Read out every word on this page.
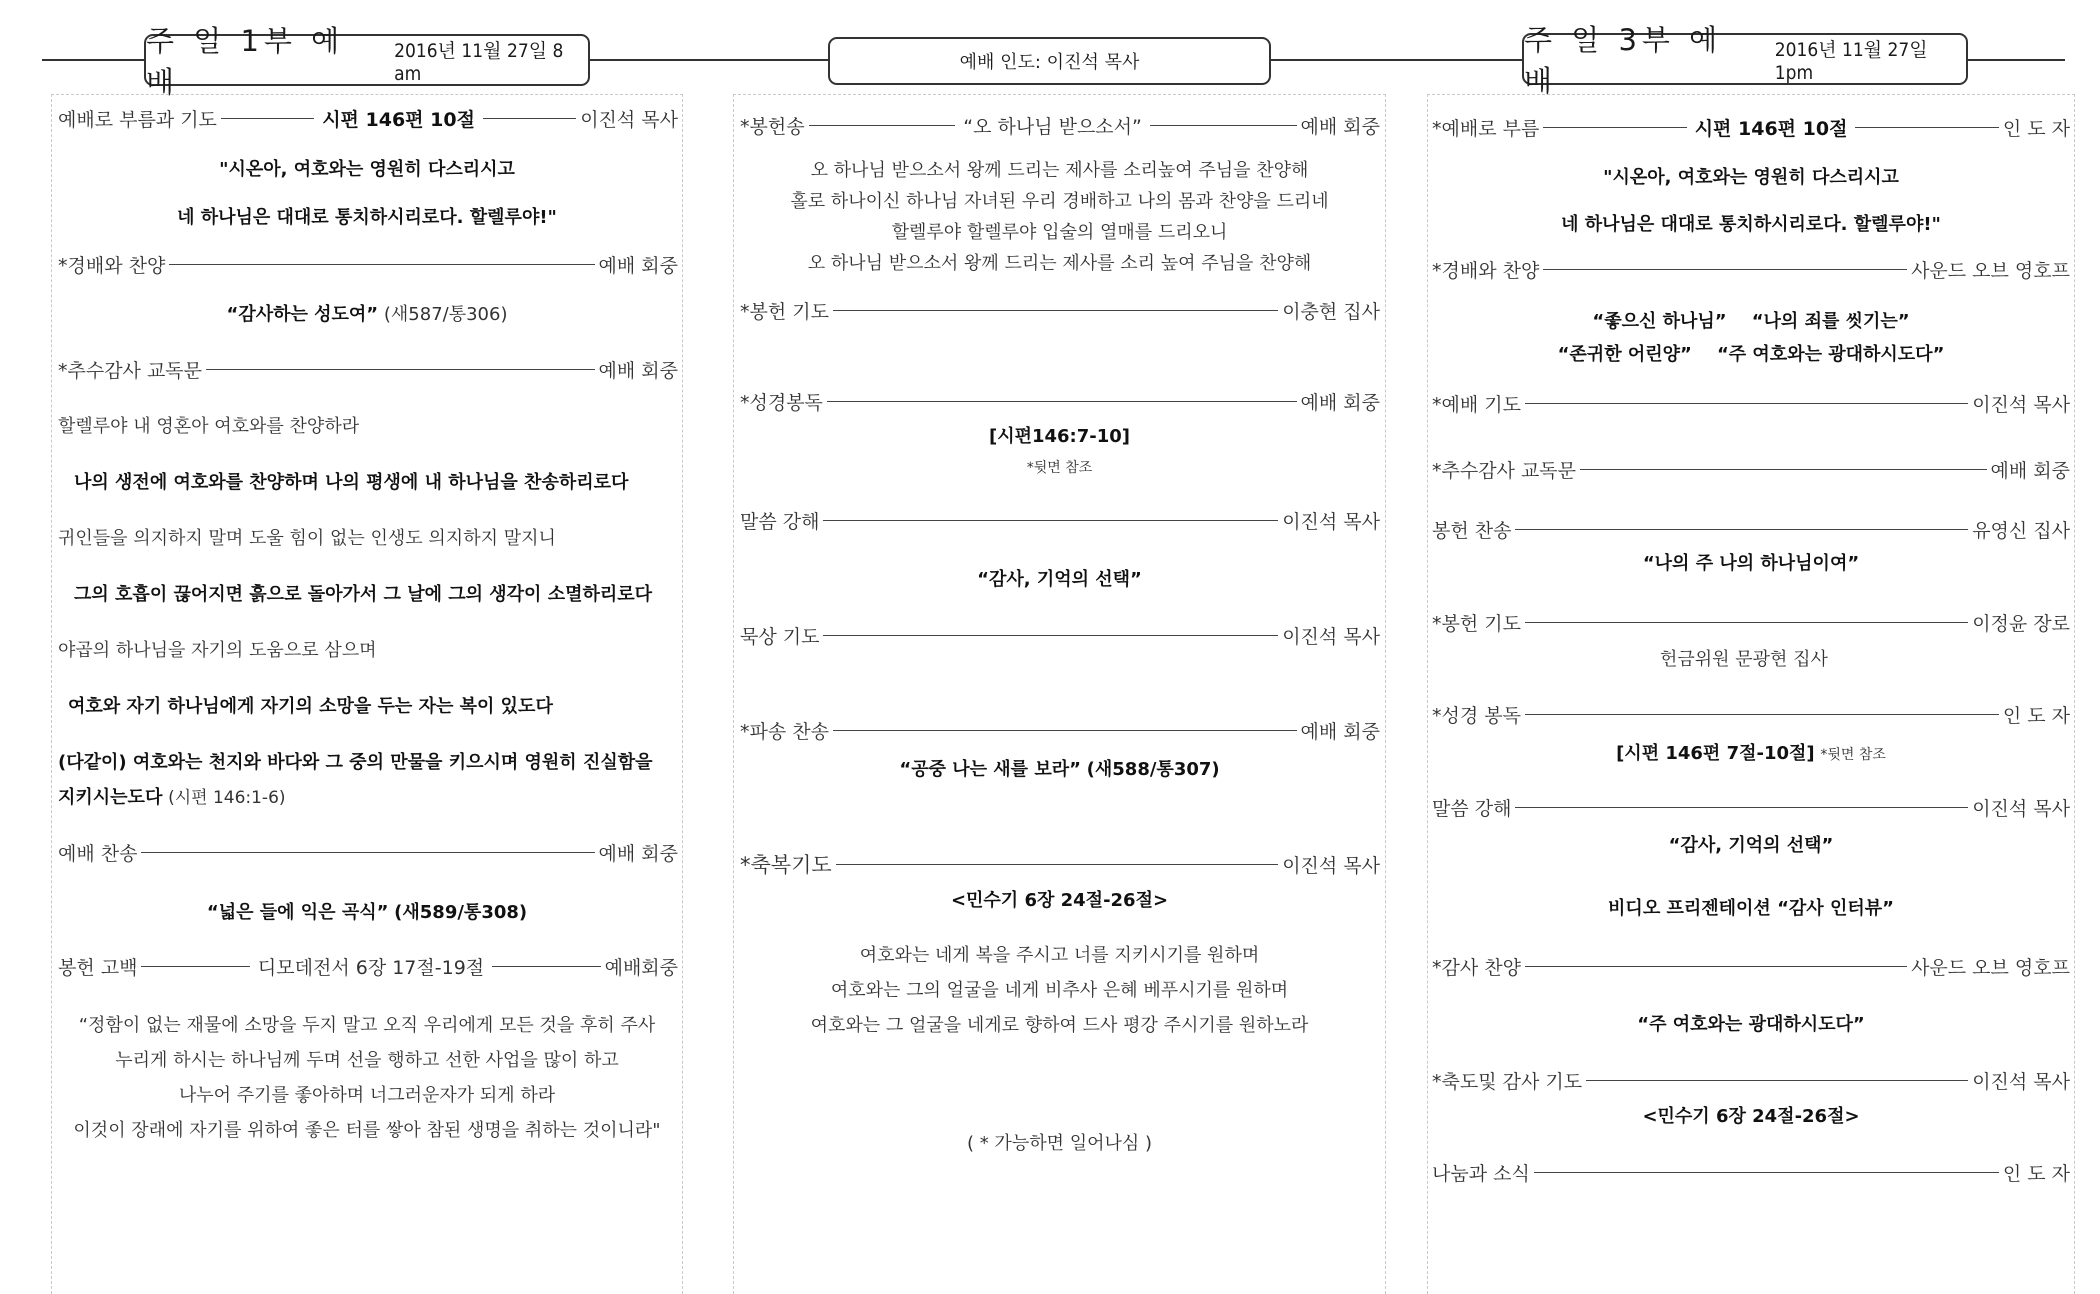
주 일 1부 예배
2016년 11월 27일 8 am	예배 인도: 이진석 목사
주 일 3부 예배
2016년 11월 27일 1pm
예배로 부름과 기도	시편 146편 10절	이진석 목사
"시온아, 여호와는 영원히 다스리시고
네 하나님은 대대로 통치하시리로다. 할렐루야!"
*경배와 찬양	예배 회중
“감사하는 성도여” (새587/통306)
*추수감사 교독문	예배 회중
할렐루야 내 영혼아 여호와를 찬양하라
나의 생전에 여호와를 찬양하며 나의 평생에 내 하나님을 찬송하리로다
귀인들을 의지하지 말며 도울 힘이 없는 인생도 의지하지 말지니
그의 호흡이 끊어지면 흙으로 돌아가서 그 날에 그의 생각이 소멸하리로다
야곱의 하나님을 자기의 도움으로 삼으며
여호와 자기 하나님에게 자기의 소망을 두는 자는 복이 있도다
(다같이) 여호와는 천지와 바다와 그 중의 만물을 키으시며 영원히 진실함을
지키시는도다 (시편 146:1-6)
예배 찬송	예배 회중
“넓은 들에 익은 곡식” (새589/통308)
봉헌 고백	디모데전서 6장 17절-19절	예배회중
“정함이 없는 재물에 소망을 두지 말고 오직 우리에게 모든 것을 후히 주사
누리게 하시는 하나님께 두며 선을 행하고 선한 사업을 많이 하고
나누어 주기를 좋아하며 너그러운자가 되게 하라
이것이 장래에 자기를 위하여 좋은 터를 쌓아 참된 생명을 취하는 것이니라"
*봉헌송	“오 하나님 받으소서”	예배 회중
오 하나님 받으소서 왕께 드리는 제사를 소리높여 주님을 찬양해
홀로 하나이신 하나님 자녀된 우리 경배하고 나의 몸과 찬양을 드리네
할렐루야 할렐루야 입술의 열매를 드리오니
오 하나님 받으소서 왕께 드리는 제사를 소리 높여 주님을 찬양해
*봉헌 기도	이충현 집사
*성경봉독	예배 회중
[시편146:7-10]
*뒷면 참조
말씀 강해	이진석 목사
“감사, 기억의 선택”
묵상 기도	이진석 목사
*파송 찬송	예배 회중
“공중 나는 새를 보라” (새588/통307)
*축복기도	이진석 목사
<민수기 6장 24절-26절>
여호와는 네게 복을 주시고 너를 지키시기를 원하며
여호와는 그의 얼굴을 네게 비추사 은혜 베푸시기를 원하며
여호와는 그 얼굴을 네게로 향하여 드사 평강 주시기를 원하노라
( * 가능하면 일어나심 )
*예배로 부름	시편 146편 10절	인 도 자
"시온아, 여호와는 영원히 다스리시고
네 하나님은 대대로 통치하시리로다. 할렐루야!"
*경배와 찬양	사운드 오브 영호프
“좋으신 하나님” “나의 죄를 씻기는”
“존귀한 어린양” “주 여호와는 광대하시도다”
*예배 기도	이진석 목사
*추수감사 교독문	예배 회중
봉헌 찬송	유영신 집사
“나의 주 나의 하나님이여”
*봉헌 기도	이정윤 장로
헌금위원 문광현 집사
*성경 봉독	인 도 자
[시편 146편 7절-10절] *뒷면 참조
말씀 강해	이진석 목사
“감사, 기억의 선택”
비디오 프리젠테이션 “감사 인터뷰”
*감사 찬양	사운드 오브 영호프
“주 여호와는 광대하시도다”
*축도및 감사 기도	이진석 목사
<민수기 6장 24절-26절>
나눔과 소식	인 도 자
